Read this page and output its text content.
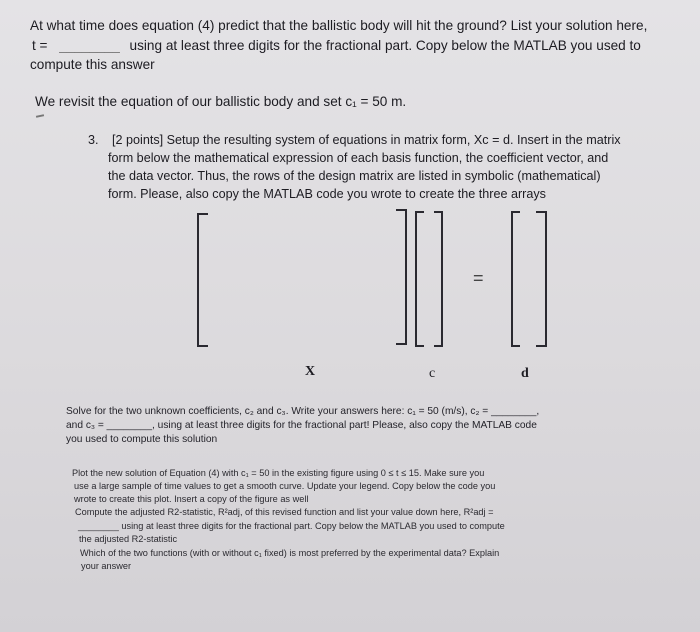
At what time does equation (4) predict that the ballistic body will hit the ground? List your solution here,

t = ________ using at least three digits for the fractional part. Copy below the MATLAB you used to

compute this answer

We revisit the equation of our ballistic body and set c₁ = 50 m.

3. [2 points] Setup the resulting system of equations in matrix form, Xc = d. Insert in the matrix

form below the mathematical expression of each basis function, the coefficient vector, and

the data vector. Thus, the rows of the design matrix are listed in symbolic (mathematical)

form. Please, also copy the MATLAB code you wrote to create the three arrays

=
X	c	d

Solve for the two unknown coefficients, c₂ and c₃. Write your answers here: c₁ = 50 (m/s), c₂ = ________,

and c₃ = ________, using at least three digits for the fractional part! Please, also copy the MATLAB code

you used to compute this solution

Plot the new solution of Equation (4) with c₁ = 50 in the existing figure using 0 ≤ t ≤ 15. Make sure you

use a large sample of time values to get a smooth curve. Update your legend. Copy below the code you

wrote to create this plot. Insert a copy of the figure as well

Compute the adjusted R2-statistic, R²adj, of this revised function and list your value down here, R²adj =

________ using at least three digits for the fractional part. Copy below the MATLAB you used to compute

the adjusted R2-statistic

Which of the two functions (with or without c₁ fixed) is most preferred by the experimental data? Explain

your answer
